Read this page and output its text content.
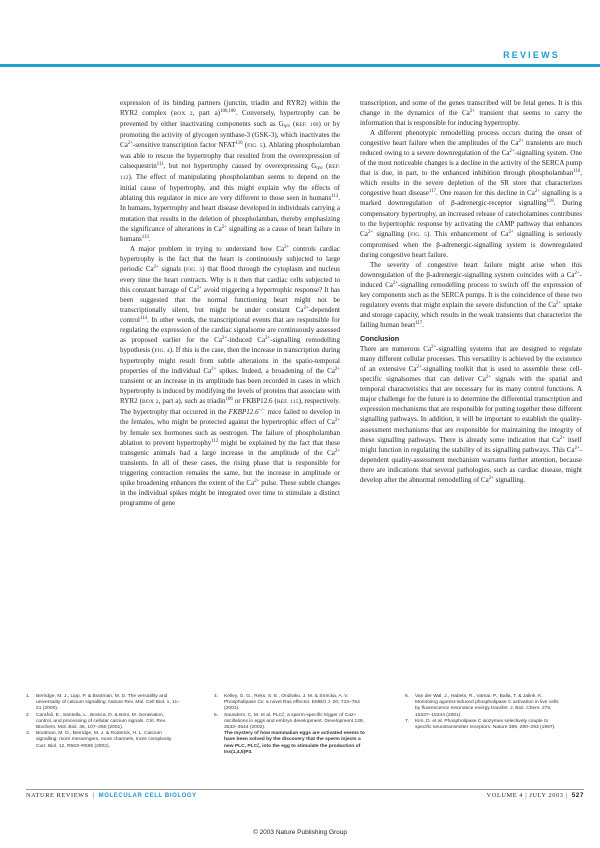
REVIEWS

expression of its binding partners (junctin, triadin and RYR2) within the RYR2 complex (BOX 2, part a)$^{106,108}$. Conversely, hypertrophy can be prevented by either inactivating components such as $G_{q/o}$ (REF. 109) or by promoting the activity of glycogen synthase-3 (GSK-3), which inactivates the $Ca^{2+}$-sensitive transcription factor NFAT$^{110}$ (FIG. 5). Ablating phospholamban was able to rescue the hypertrophy that resulted from the overexpression of calsequestrin$^{111}$, but not hypertrophy caused by overexpressing $G_{q/o}$ (REF. 112). The effect of manipulating phospholamban seems to depend on the initial cause of hypertrophy, and this might explain why the effects of ablating this regulator in mice are very different to those seen in humans$^{113}$. In humans, hypertrophy and heart disease developed in individuals carrying a mutation that results in the deletion of phospholamban, thereby emphasizing the significance of alterations in $Ca^{2+}$ signalling as a cause of heart failure in humans$^{113}$.

A major problem in trying to understand how $Ca^{2+}$ controls cardiac hypertrophy is the fact that the heart is continuously subjected to large periodic $Ca^{2+}$ signals (FIG. 3) that flood through the cytoplasm and nucleus every time the heart contracts. Why is it then that cardiac cells subjected to this constant barrage of $Ca^{2+}$ avoid triggering a hypertrophic response? It has been suggested that the normal functioning heart might not be transcriptionally silent, but might be under constant $Ca^{2+}$-dependent control$^{114}$. In other words, the transcriptional events that are responsible for regulating the expression of the cardiac signalsome are continuously assessed as proposed earlier for the $Ca^{2+}$-induced $Ca^{2+}$-signalling remodelling hypothesis (FIG. 4). If this is the case, then the increase in transcription during hypertrophy might result from subtle alterations in the spatio-temporal properties of the individual $Ca^{2+}$ spikes. Indeed, a broadening of the $Ca^{2+}$ transient or an increase in its amplitude has been recorded in cases in which hypertrophy is induced by modifying the levels of proteins that associate with RYR2 (BOX 2, part a), such as triadin$^{106}$ or FKBP12.6 (REF. 115), respectively. The hypertrophy that occurred in the FKBP12.6−/− mice failed to develop in the females, who might be protected against the hypertrophic effect of $Ca^{2+}$ by female sex hormones such as oestrogen. The failure of phospholamban ablation to prevent hypertrophy$^{112}$ might be explained by the fact that these transgenic animals had a large increase in the amplitude of the $Ca^{2+}$ transients. In all of these cases, the rising phase that is responsible for triggering contraction remains the same, but the increase in amplitude or spike broadening enhances the extent of the $Ca^{2+}$ pulse. These subtle changes in the individual spikes might be integrated over time to stimulate a distinct programme of gene

transcription, and some of the genes transcribed will be fetal genes. It is this change in the dynamics of the $Ca^{2+}$ transient that seems to carry the information that is responsible for inducing hypertrophy.

A different phenotypic remodelling process occurs during the onset of congestive heart failure when the amplitudes of the $Ca^{2+}$ transients are much reduced owing to a severe downregulation of the $Ca^{2+}$-signalling system. One of the most noticeable changes is a decline in the activity of the SERCA pump that is due, in part, to the enhanced inhibition through phospholamban$^{116}$, which results in the severe depletion of the SR store that characterizes congestive heart disease$^{117}$. One reason for this decline in $Ca^{2+}$ signalling is a marked downregulation of β-adrenergic-receptor signalling$^{118}$. During compensatory hypertrophy, an increased release of catecholamines contributes to the hypertrophic response by activating the cAMP pathway that enhances $Ca^{2+}$ signalling (FIG. 5). This enhancement of $Ca^{2+}$ signalling is seriously compromised when the β-adrenergic-signalling system is downregulated during congestive heart failure.

The severity of congestive heart failure might arise when this downregulation of the β-adrenergic-signalling system coincides with a $Ca^{2+}$-induced $Ca^{2+}$-signalling remodelling process to switch off the expression of key components such as the SERCA pumps. It is the coincidence of these two regulatory events that might explain the severe disfunction of the $Ca^{2+}$ uptake and storage capacity, which results in the weak transients that characterize the failing human heart$^{117}$.

Conclusion

There are numerous $Ca^{2+}$-signalling systems that are designed to regulate many different cellular processes. This versatility is achieved by the existence of an extensive $Ca^{2+}$-signalling toolkit that is used to assemble these cell-specific signalsomes that can deliver $Ca^{2+}$ signals with the spatial and temporal characteristics that are necessary for its many control functions. A major challenge for the future is to determine the differential transcription and expression mechanisms that are responsible for putting together these different signalling pathways. In addition, it will be important to establish the quality-assessment mechanisms that are responsible for maintaining the integrity of these signalling pathways. There is already some indication that $Ca^{2+}$ itself might function in regulating the stability of its signalling pathways. This $Ca^{2+}$-dependent quality-assessment mechanism warrants further attention, because there are indications that several pathologies, such as cardiac disease, might develop after the abnormal remodelling of $Ca^{2+}$ signalling.

1. Berridge, M. J., Lipp, P. & Bootman, M. D. The versatility and universality of calcium signalling. Nature Rev. Mol. Cell Biol. 1, 11–21 (2000).

2. Carafoli, E., Santella, L., Branca, D. & Brini, M. Generation, control, and processing of cellular calcium signals. Crit. Rev. Biochem. Mol. Biol. 36, 107–260 (2001).

3. Bootman, M. D., Berridge, M. J. & Roderick, H. L. Calcium signalling: more messengers, more channels, more complexity. Curr. Biol. 12, R563–R565 (2002).

4. Kelley, G. G., Reks, S. E., Ondrako, J. M. & Smrcka, A. V. Phospholipase Cε: a novel Ras effector. EMBO J. 20, 743–754 (2001).

5. Saunders, C. M. et al. PLCζ: a sperm-specific trigger of Ca2+ oscillations in eggs and embryo development. Development 129, 3533–3544 (2002).
The mystery of how mammalian eggs are activated seems to have been solved by the discovery that the sperm injects a new PLC, PLCζ, into the egg to stimulate the production of Ins(1,4,5)P3.

6. Van der Wal, J., Habets, R., Varnai, P., Balla, T. & Jalink, K. Monitoring agonist-induced phospholipase C activation in live cells by fluorescence resonance energy transfer. J. Biol. Chem. 276, 15337–15344 (2001).

7. Kim, D. et al. Phospholipase C isozymes selectively couple to specific neurotransmitter receptors. Nature 389, 290–293 (1997).

NATURE REVIEWS | MOLECULAR CELL BIOLOGY	VOLUME 4 | JULY 2003 | 527
© 2003 Nature Publishing Group
